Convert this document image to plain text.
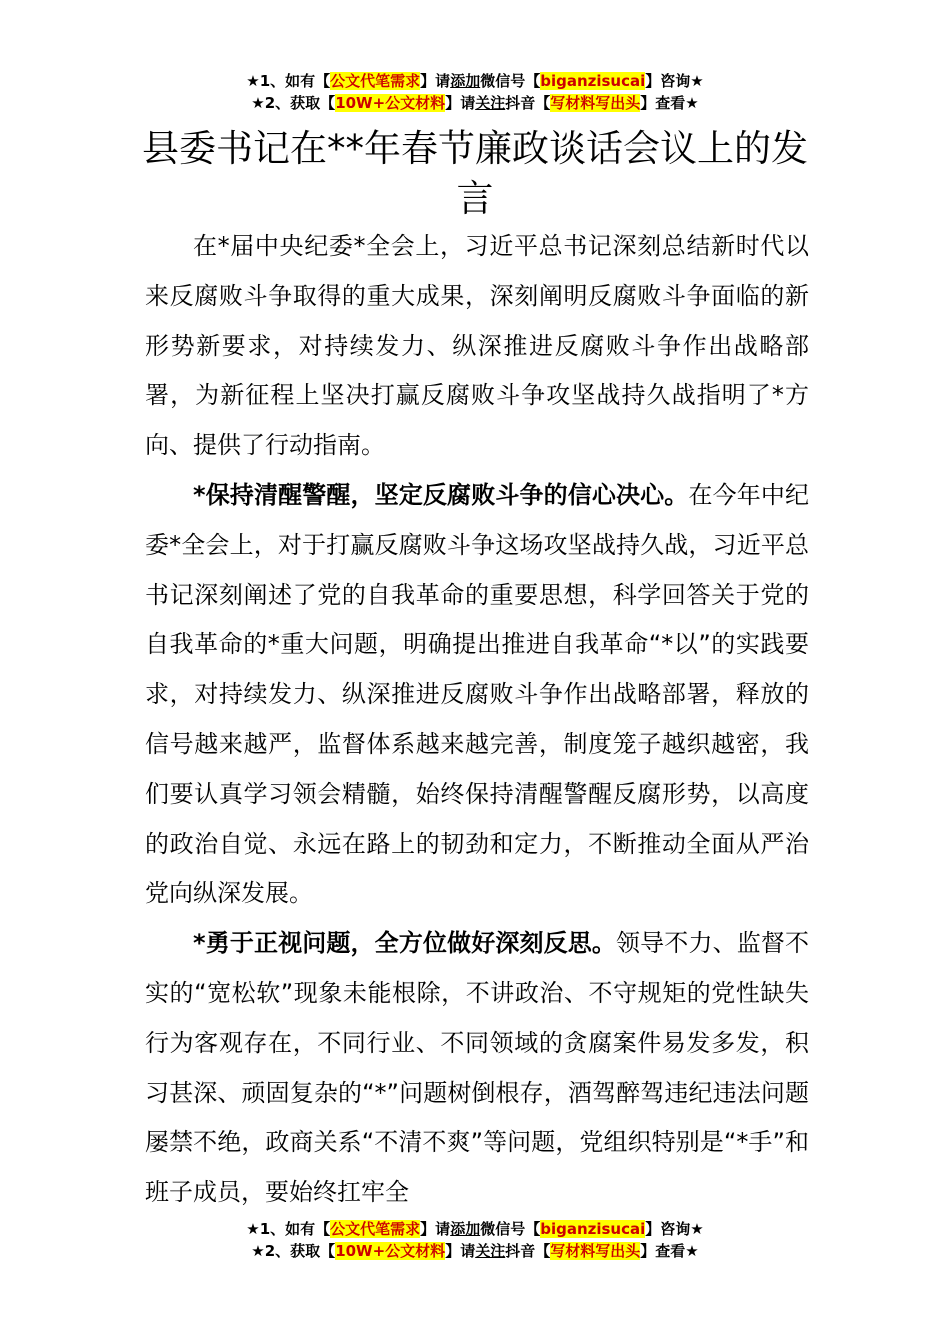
★1、如有【公文代笔需求】请添加微信号【biganzisucai】咨询★
★2、获取【10W+公文材料】请关注抖音【写材料写出头】查看★
县委书记在**年春节廉政谈话会议上的发言

在*届中央纪委*全会上，习近平总书记深刻总结新时代以来反腐败斗争取得的重大成果，深刻阐明反腐败斗争面临的新形势新要求，对持续发力、纵深推进反腐败斗争作出战略部署，为新征程上坚决打赢反腐败斗争攻坚战持久战指明了*方向、提供了行动指南。

*保持清醒警醒，坚定反腐败斗争的信心决心。在今年中纪委*全会上，对于打赢反腐败斗争这场攻坚战持久战，习近平总书记深刻阐述了党的自我革命的重要思想，科学回答关于党的自我革命的*重大问题，明确提出推进自我革命“*以”的实践要求，对持续发力、纵深推进反腐败斗争作出战略部署，释放的信号越来越严，监督体系越来越完善，制度笼子越织越密，我们要认真学习领会精髓，始终保持清醒警醒反腐形势，以高度的政治自觉、永远在路上的韧劲和定力，不断推动全面从严治党向纵深发展。

*勇于正视问题，全方位做好深刻反思。领导不力、监督不实的“宽松软”现象未能根除，不讲政治、不守规矩的党性缺失行为客观存在，不同行业、不同领域的贪腐案件易发多发，积习甚深、顽固复杂的“*”问题树倒根存，酒驾醉驾违纪违法问题屡禁不绝，政商关系“不清不爽”等问题，党组织特别是“*手”和班子成员，要始终扛牢全

★1、如有【公文代笔需求】请添加微信号【biganzisucai】咨询★
★2、获取【10W+公文材料】请关注抖音【写材料写出头】查看★
